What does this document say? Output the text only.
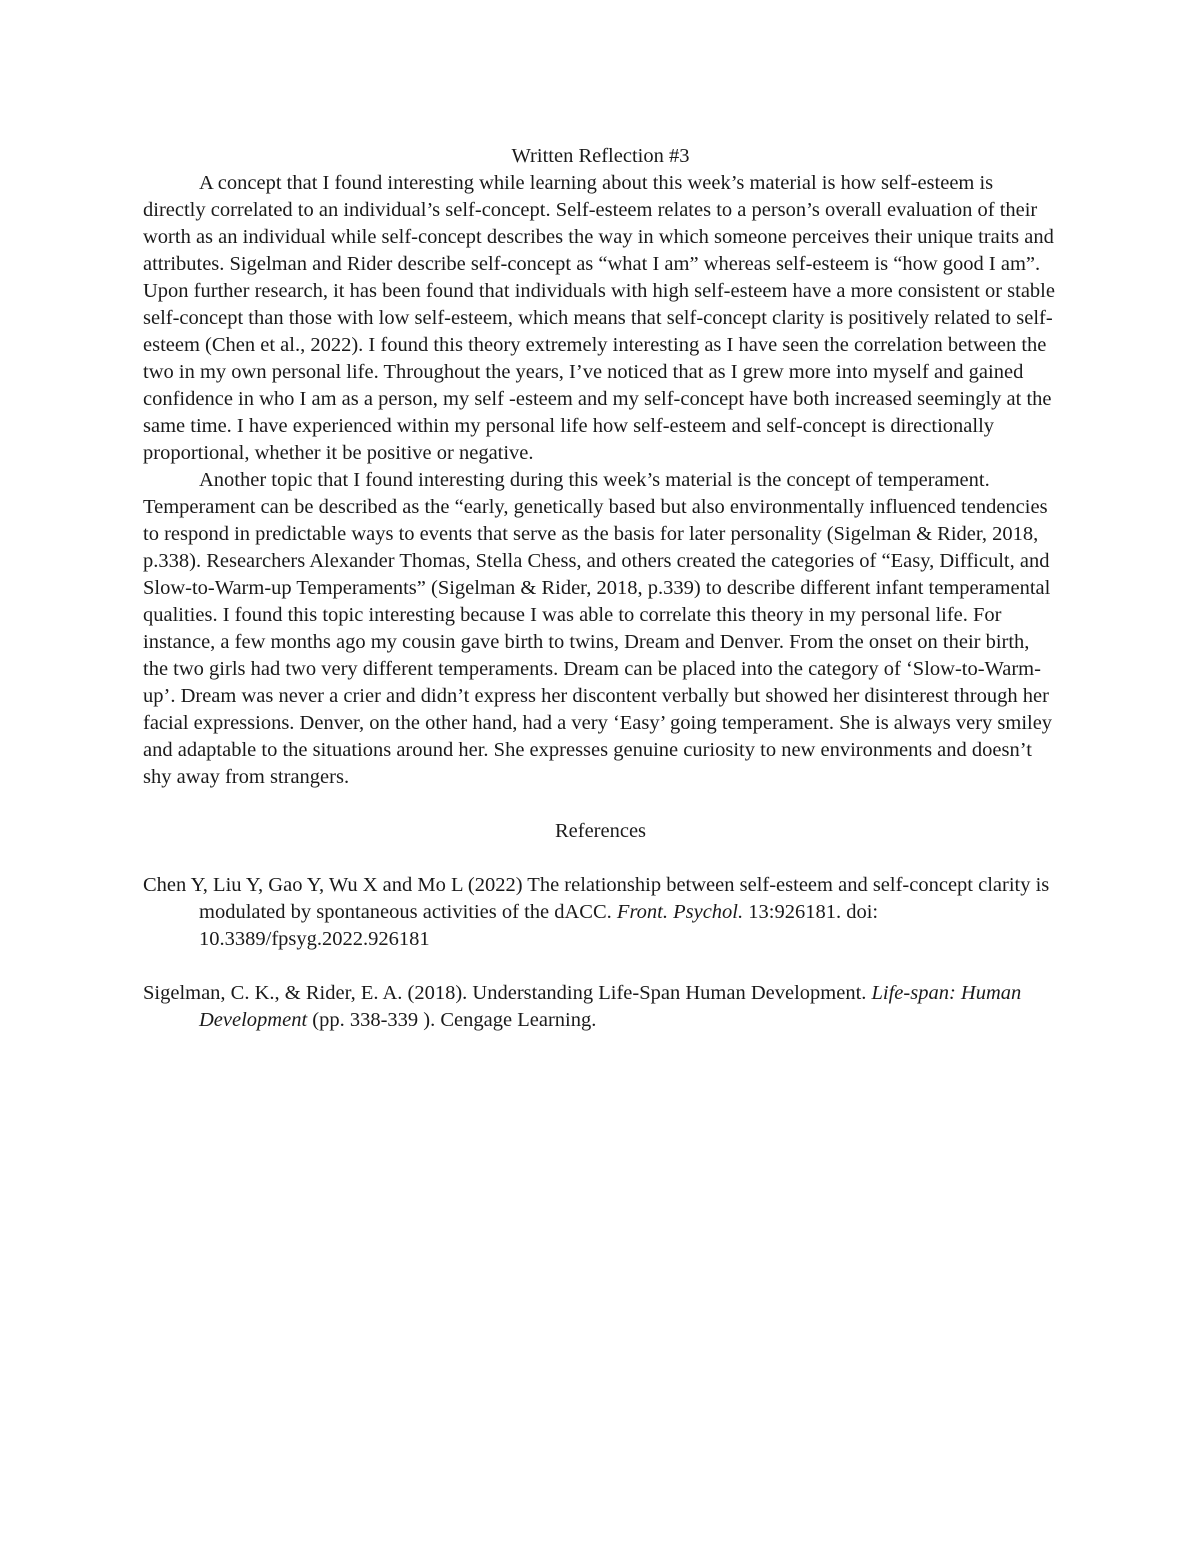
Written Reflection #3

A concept that I found interesting while learning about this week’s material is how self-esteem is directly correlated to an individual’s self-concept. Self-esteem relates to a person’s overall evaluation of their worth as an individual while self-concept describes the way in which someone perceives their unique traits and attributes. Sigelman and Rider describe self-concept as “what I am” whereas self-esteem is “how good I am”. Upon further research, it has been found that individuals with high self-esteem have a more consistent or stable self-concept than those with low self-esteem, which means that self-concept clarity is positively related to self-esteem (Chen et al., 2022). I found this theory extremely interesting as I have seen the correlation between the two in my own personal life. Throughout the years, I’ve noticed that as I grew more into myself and gained confidence in who I am as a person, my self -esteem and my self-concept have both increased seemingly at the same time. I have experienced within my personal life how self-esteem and self-concept is directionally proportional, whether it be positive or negative.

Another topic that I found interesting during this week’s material is the concept of temperament. Temperament can be described as the “early, genetically based but also environmentally influenced tendencies to respond in predictable ways to events that serve as the basis for later personality (Sigelman & Rider, 2018, p.338). Researchers Alexander Thomas, Stella Chess, and others created the categories of “Easy, Difficult, and Slow-to-Warm-up Temperaments” (Sigelman & Rider, 2018, p.339) to describe different infant temperamental qualities. I found this topic interesting because I was able to correlate this theory in my personal life. For instance, a few months ago my cousin gave birth to twins, Dream and Denver. From the onset on their birth, the two girls had two very different temperaments. Dream can be placed into the category of ‘Slow-to-Warm-up’. Dream was never a crier and didn’t express her discontent verbally but showed her disinterest through her facial expressions. Denver, on the other hand, had a very ‘Easy’ going temperament. She is always very smiley and adaptable to the situations around her. She expresses genuine curiosity to new environments and doesn’t shy away from strangers.

References

Chen Y, Liu Y, Gao Y, Wu X and Mo L (2022) The relationship between self-esteem and self-concept clarity is modulated by spontaneous activities of the dACC. Front. Psychol. 13:926181. doi: 10.3389/fpsyg.2022.926181

Sigelman, C. K., & Rider, E. A. (2018). Understanding Life-Span Human Development. Life-span: Human Development (pp. 338-339 ). Cengage Learning.
